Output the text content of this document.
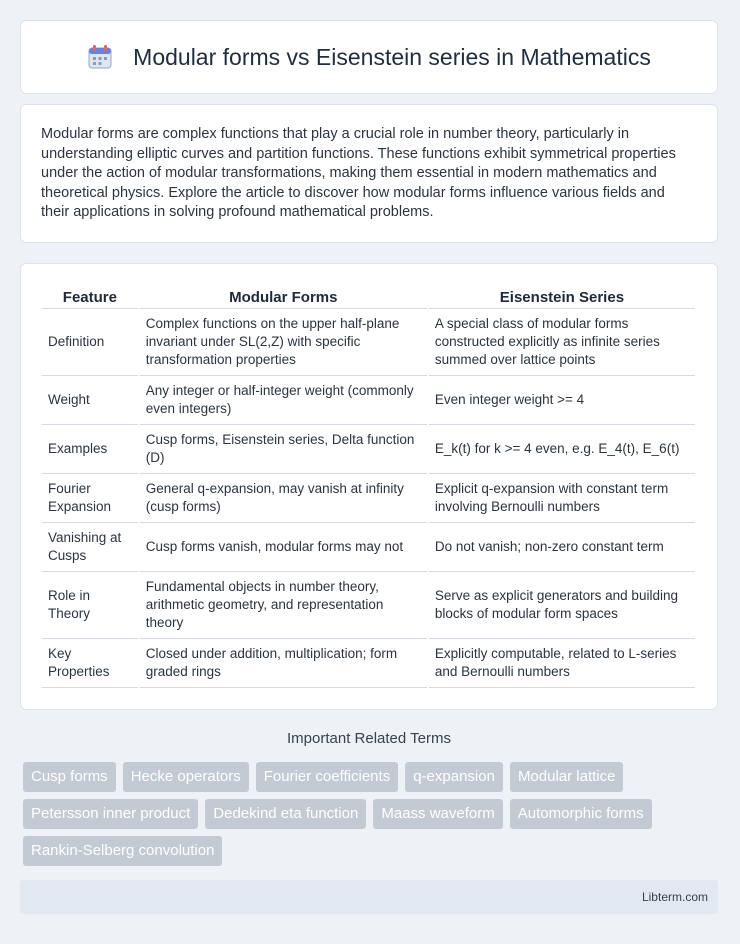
Modular forms vs Eisenstein series in Mathematics

Modular forms are complex functions that play a crucial role in number theory, particularly in understanding elliptic curves and partition functions. These functions exhibit symmetrical properties under the action of modular transformations, making them essential in modern mathematics and theoretical physics. Explore the article to discover how modular forms influence various fields and their applications in solving profound mathematical problems.

Feature	Modular Forms	Eisenstein Series
Definition	Complex functions on the upper half-plane invariant under SL(2,Z) with specific transformation properties	A special class of modular forms constructed explicitly as infinite series summed over lattice points
Weight	Any integer or half-integer weight (commonly even integers)	Even integer weight >= 4
Examples	Cusp forms, Eisenstein series, Delta function (D)	E_k(t) for k >= 4 even, e.g. E_4(t), E_6(t)
Fourier Expansion	General q-expansion, may vanish at infinity (cusp forms)	Explicit q-expansion with constant term involving Bernoulli numbers
Vanishing at Cusps	Cusp forms vanish, modular forms may not	Do not vanish; non-zero constant term
Role in Theory	Fundamental objects in number theory, arithmetic geometry, and representation theory	Serve as explicit generators and building blocks of modular form spaces
Key Properties	Closed under addition, multiplication; form graded rings	Explicitly computable, related to L-series and Bernoulli numbers
Important Related Terms
Cusp forms	Hecke operators	Fourier coefficients	q-expansion	Modular lattice
Petersson inner product	Dedekind eta function	Maass waveform	Automorphic forms
Rankin-Selberg convolution
Libterm.com
